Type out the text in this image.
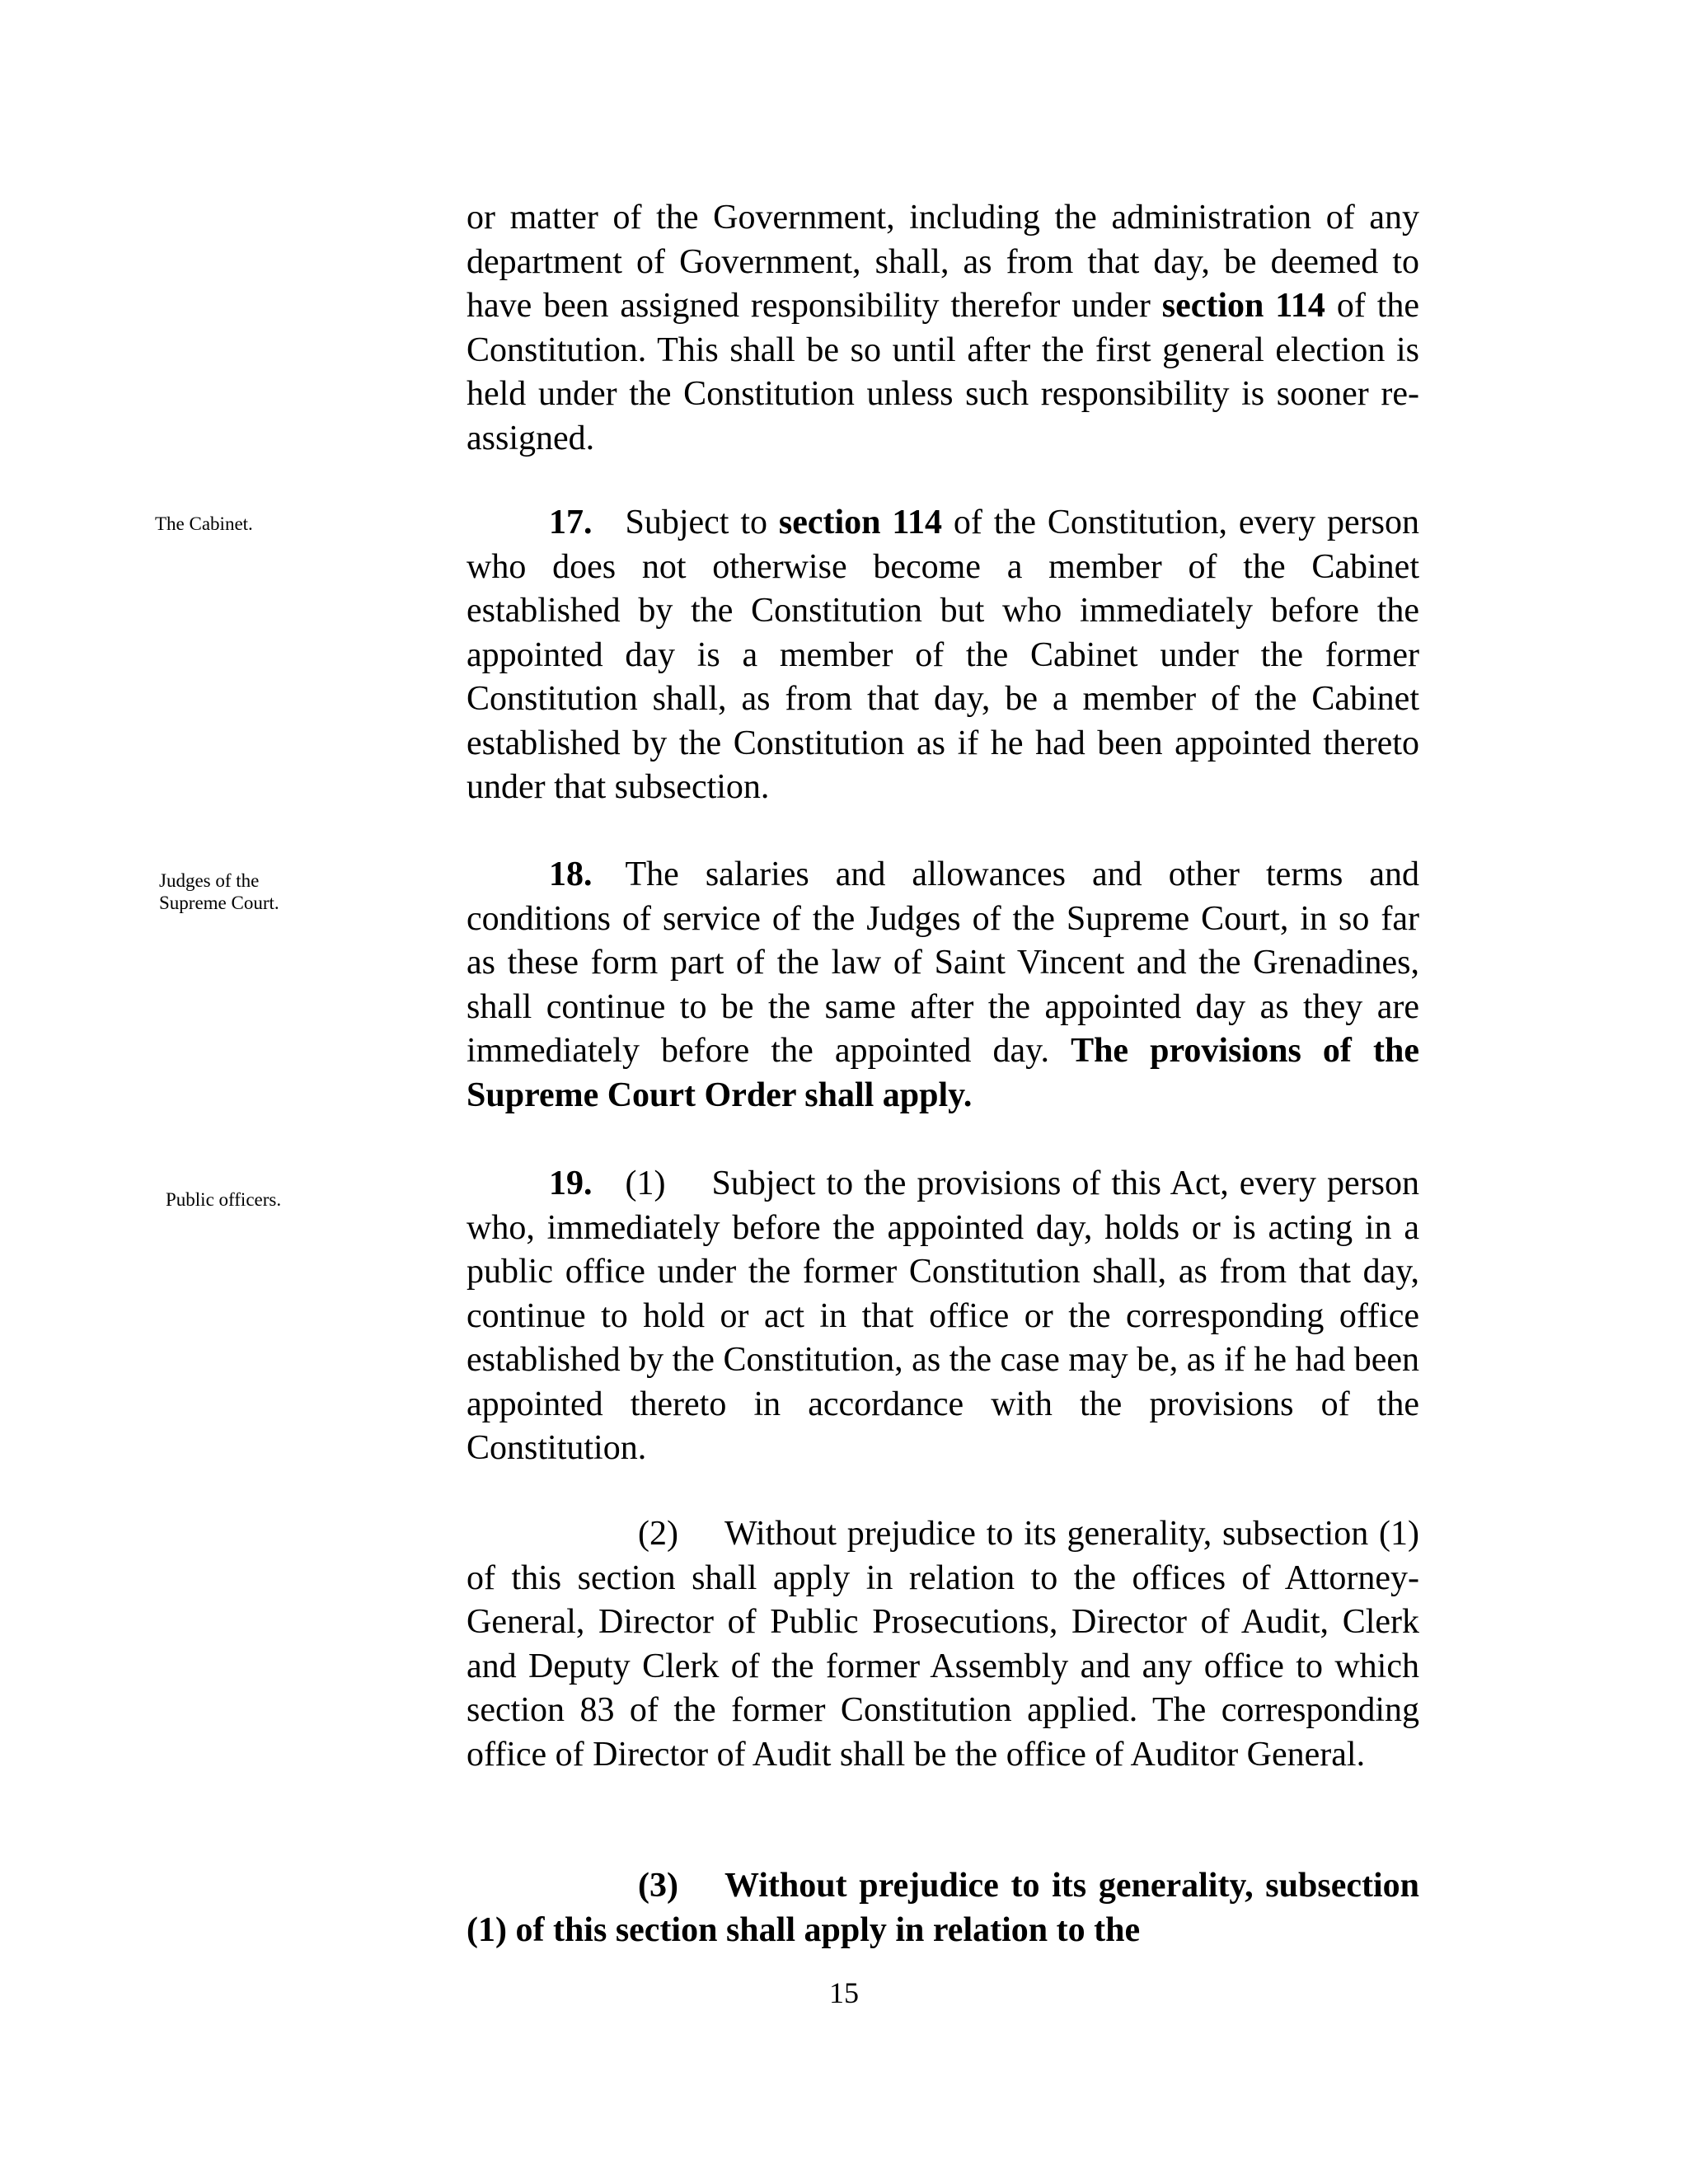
The Cabinet.
Judges of the
Supreme Court.
Public officers.

or matter of the Government, including the administration of any department of Government, shall, as from that day, be deemed to have been assigned responsibility therefor under section 114 of the Constitution. This shall be so until after the first general election is held under the Constitution unless such responsibility is sooner re-assigned.

17. Subject to section 114 of the Constitution, every person who does not otherwise become a member of the Cabinet established by the Constitution but who immediately before the appointed day is a member of the Cabinet under the former Constitution shall, as from that day, be a member of the Cabinet established by the Constitution as if he had been appointed thereto under that subsection.

18. The salaries and allowances and other terms and conditions of service of the Judges of the Supreme Court, in so far as these form part of the law of Saint Vincent and the Grenadines, shall continue to be the same after the appointed day as they are immediately before the appointed day. The provisions of the Supreme Court Order shall apply.

19. (1) Subject to the provisions of this Act, every person who, immediately before the appointed day, holds or is acting in a public office under the former Constitution shall, as from that day, continue to hold or act in that office or the corresponding office established by the Constitution, as the case may be, as if he had been appointed thereto in accordance with the provisions of the Constitution.

(2) Without prejudice to its generality, subsection (1) of this section shall apply in relation to the offices of Attorney-General, Director of Public Prosecutions, Director of Audit, Clerk and Deputy Clerk of the former Assembly and any office to which section 83 of the former Constitution applied. The corresponding office of Director of Audit shall be the office of Auditor General.

(3) Without prejudice to its generality, subsection (1) of this section shall apply in relation to the

15
